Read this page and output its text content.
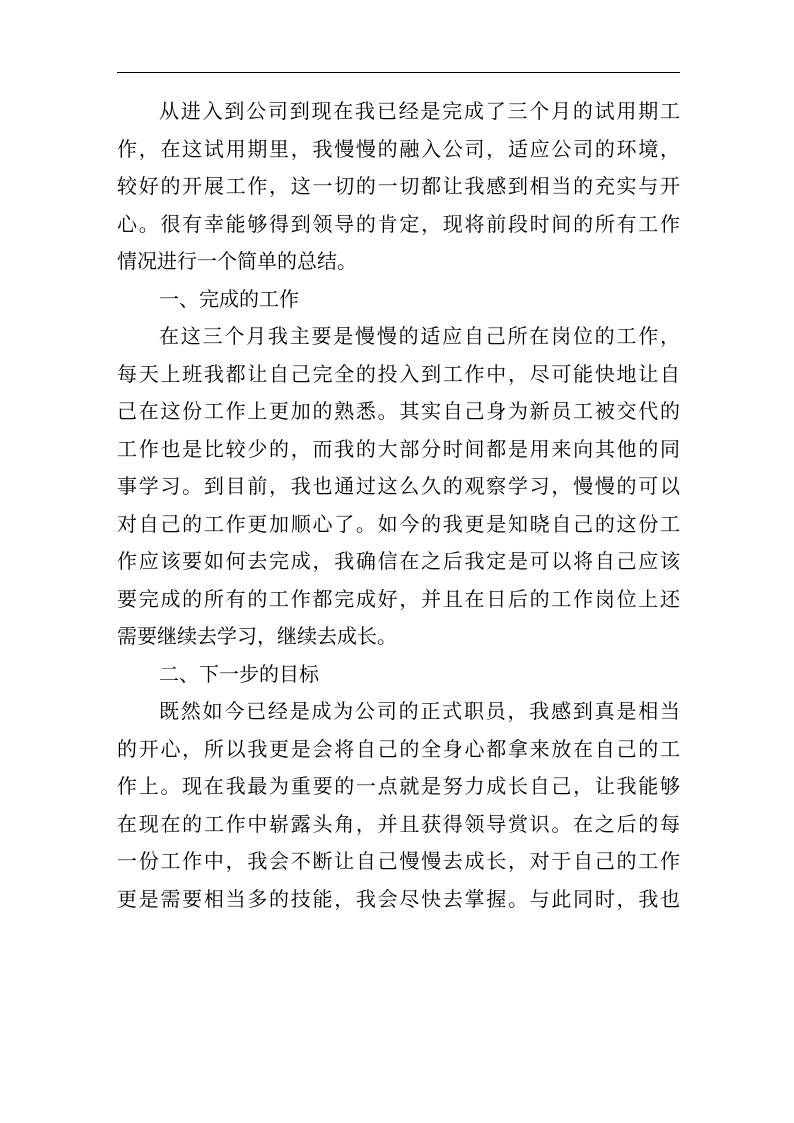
从进入到公司到现在我已经是完成了三个月的试用期工
作，在这试用期里，我慢慢的融入公司，适应公司的环境，
较好的开展工作，这一切的一切都让我感到相当的充实与开
心。很有幸能够得到领导的肯定，现将前段时间的所有工作
情况进行一个简单的总结。
一、完成的工作
在这三个月我主要是慢慢的适应自己所在岗位的工作，
每天上班我都让自己完全的投入到工作中，尽可能快地让自
己在这份工作上更加的熟悉。其实自己身为新员工被交代的
工作也是比较少的，而我的大部分时间都是用来向其他的同
事学习。到目前，我也通过这么久的观察学习，慢慢的可以
对自己的工作更加顺心了。如今的我更是知晓自己的这份工
作应该要如何去完成，我确信在之后我定是可以将自己应该
要完成的所有的工作都完成好，并且在日后的工作岗位上还
需要继续去学习，继续去成长。
二、下一步的目标
既然如今已经是成为公司的正式职员，我感到真是相当
的开心，所以我更是会将自己的全身心都拿来放在自己的工
作上。现在我最为重要的一点就是努力成长自己，让我能够
在现在的工作中崭露头角，并且获得领导赏识。在之后的每
一份工作中，我会不断让自己慢慢去成长，对于自己的工作
更是需要相当多的技能，我会尽快去掌握。与此同时，我也
